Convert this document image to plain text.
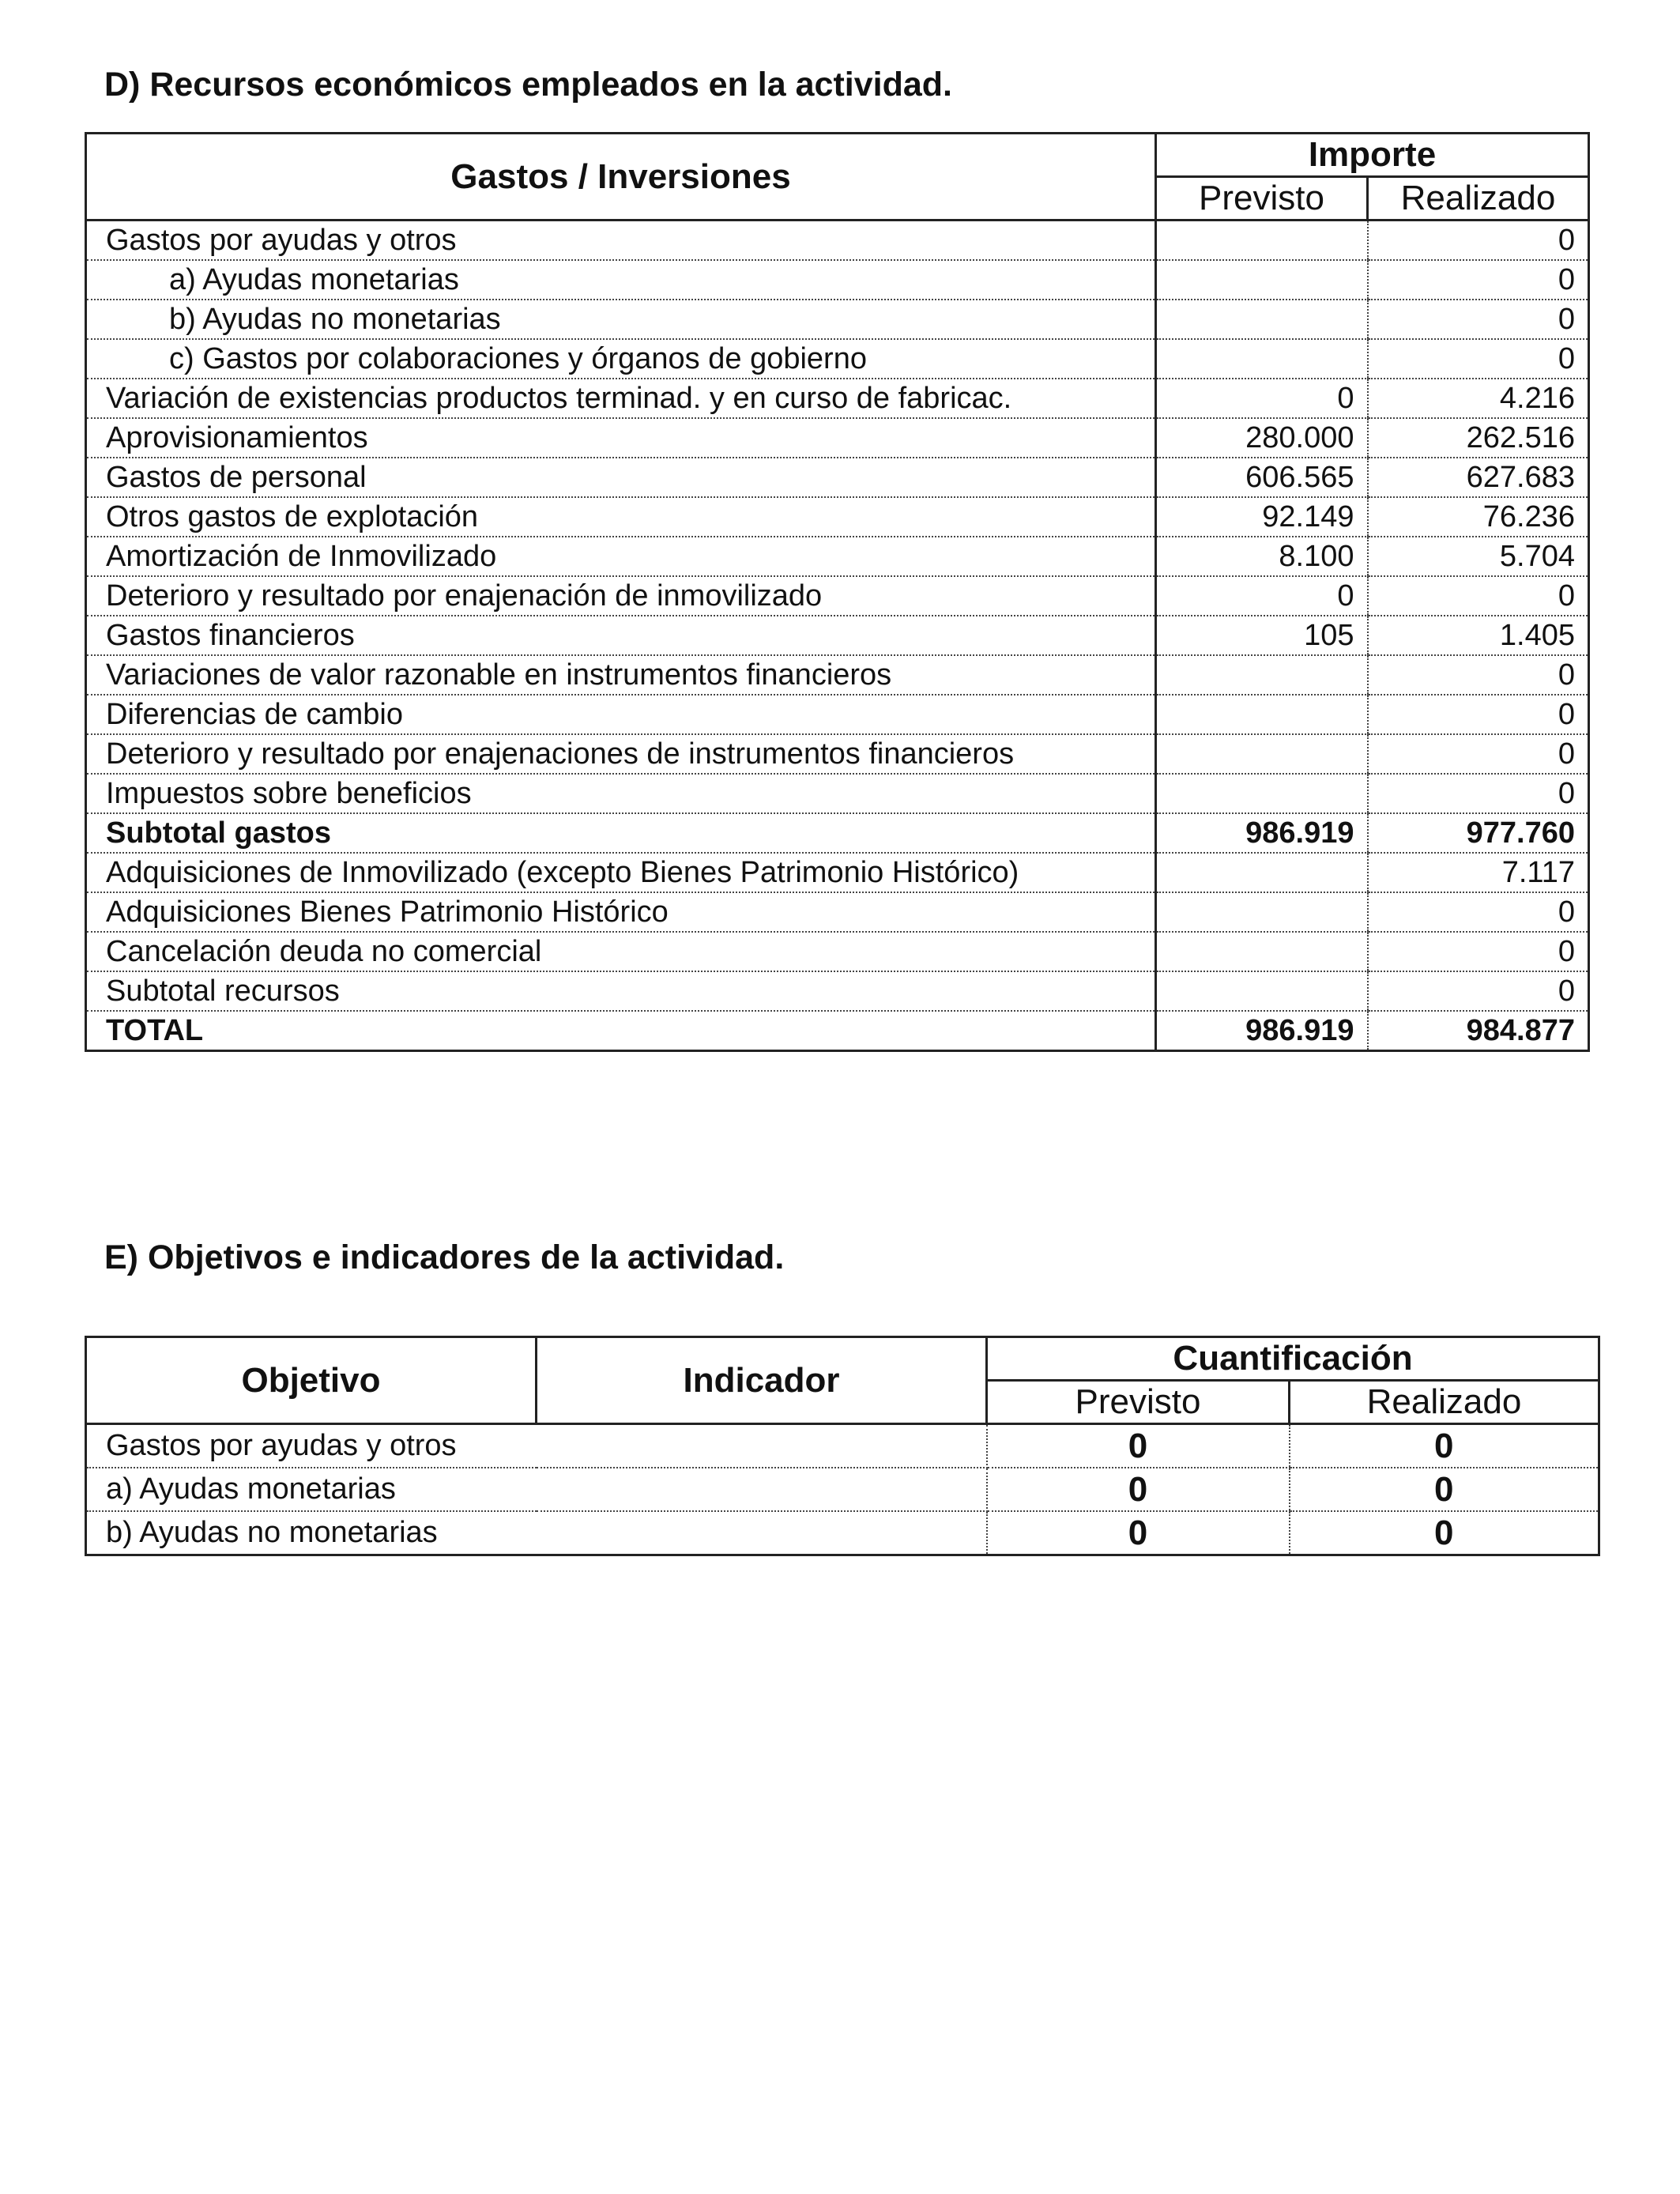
D) Recursos económicos empleados en la actividad.
Gastos / Inversiones	Importe	
	Previsto	Realizado
Gastos por ayudas y otros		0
a) Ayudas monetarias		0
b) Ayudas no monetarias		0
c) Gastos por colaboraciones y órganos de gobierno		0
Variación de existencias productos terminad. y en curso de fabricac.	0	4.216
Aprovisionamientos	280.000	262.516
Gastos de personal	606.565	627.683
Otros gastos de explotación	92.149	76.236
Amortización de Inmovilizado	8.100	5.704
Deterioro y resultado por enajenación de inmovilizado	0	0
Gastos financieros	105	1.405
Variaciones de valor razonable en instrumentos financieros		0
Diferencias de cambio		0
Deterioro y resultado por enajenaciones de instrumentos financieros		0
Impuestos sobre beneficios		0
Subtotal gastos	986.919	977.760
Adquisiciones de Inmovilizado (excepto Bienes Patrimonio Histórico)		7.117
Adquisiciones Bienes Patrimonio Histórico		0
Cancelación deuda no comercial		0
Subtotal recursos		0
TOTAL	986.919	984.877
E) Objetivos e indicadores de la actividad.
Objetivo	Indicador	Cuantificación	
		Previsto	Realizado
Gastos por ayudas y otros		0	0
a) Ayudas monetarias		0	0
b) Ayudas no monetarias		0	0
